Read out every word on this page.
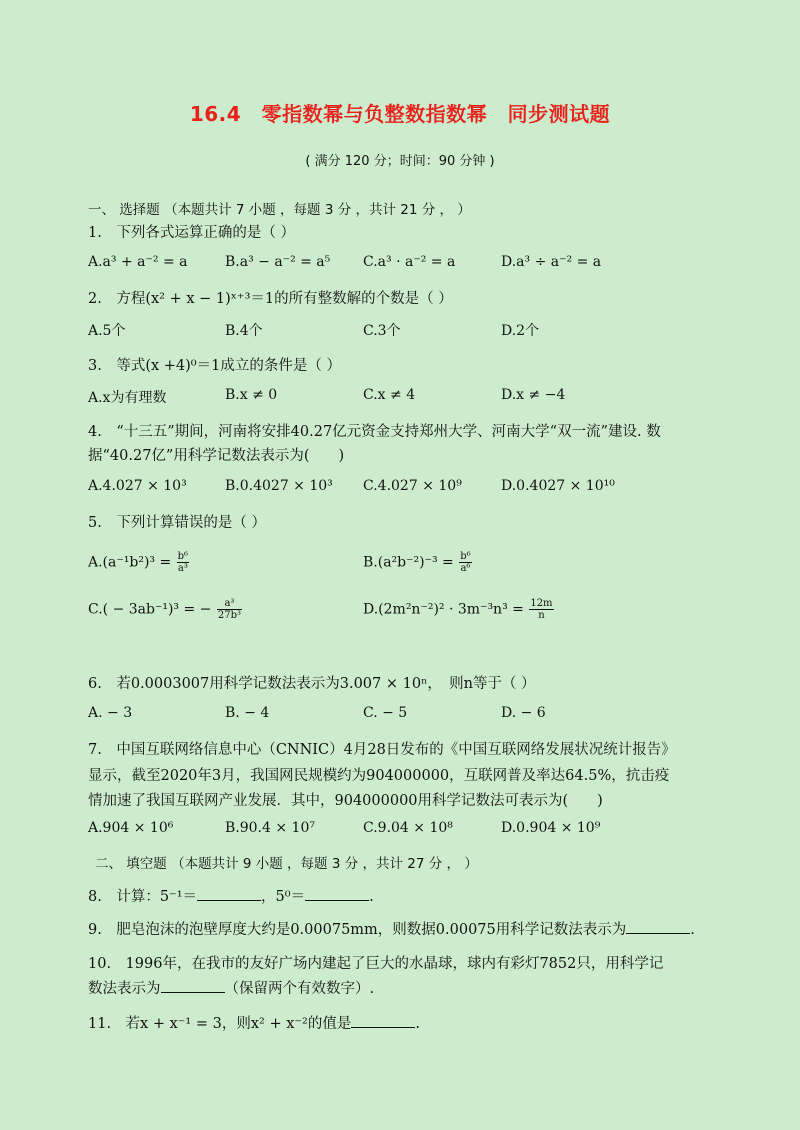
16.4　零指数幂与负整数指数幂　同步测试题
( 满分 120 分；时间：90 分钟 )
一、 选择题 （本题共计 7 小题 ，每题 3 分 ，共计 21 分 ， ）
1.　下列各式运算正确的是（ ）
A.a³ + a⁻² = a	B.a³ − a⁻² = a⁵ C.a³ · a⁻² = a	D.a³ ÷ a⁻² = a
2.　方程(x² + x − 1)ˣ⁺³＝1的所有整数解的个数是（ ）
A.5个	B.4个	C.3个	D.2个
3.　等式(x +4)⁰＝1成立的条件是（ ）
A.x为有理数	B.x ≠ 0	C.x ≠ 4	D.x ≠ −4
4.　“十三五”期间，河南将安排40.27亿元资金支持郑州大学、河南大学“双一流”建设. 数
据“40.27亿”用科学记数法表示为(　　)
A.4.027 × 10³	B.0.4027 × 10³ C.4.027 × 10⁹	D.0.4027 × 10¹⁰
5.　下列计算错误的是（ ）
$A.(a^{-1}b^2)^3 = \frac{\text{b⁶}}{\text{a³}}$	$B.(a^2b^{-2})^{-3} = \frac{\text{b⁶}}{\text{a⁶}}$
C.( − 3ab⁻¹)³ = − $\frac{\text{a³}}{\text{27b³}}$	$D.(2m^2n^{-2})^2 \cdot 3m^{-3}n^3 = \frac{12m}{n}$
6.　若0.0003007用科学记数法表示为3.007 × 10ⁿ，　则n等于（ ）
A. − 3	B. − 4	C. − 5	D. − 6
7.　中国互联网络信息中心（CNNIC）4月28日发布的《中国互联网络发展状况统计报告》
显示，截至2020年3月，我国网民规模约为904000000，互联网普及率达64.5%，抗击疫
情加速了我国互联网产业发展．其中，904000000用科学记数法可表示为(　　)
A.904 × 10⁶	B.90.4 × 10⁷	C.9.04 × 10⁸	D.0.904 × 10⁹
二、 填空题 （本题共计 9 小题 ，每题 3 分 ，共计 27 分 ， ）
8.　计算：5⁻¹＝	，5⁰＝	.
9.　肥皂泡沫的泡壁厚度大约是0.00075mm，则数据0.00075用科学记数法表示为	.
10.　1996年，在我市的友好广场内建起了巨大的水晶球，球内有彩灯7852只，用科学记
数法表示为	（保留两个有效数字）.
11.　若x + x⁻¹ = 3，则x² + x⁻²的值是	.
